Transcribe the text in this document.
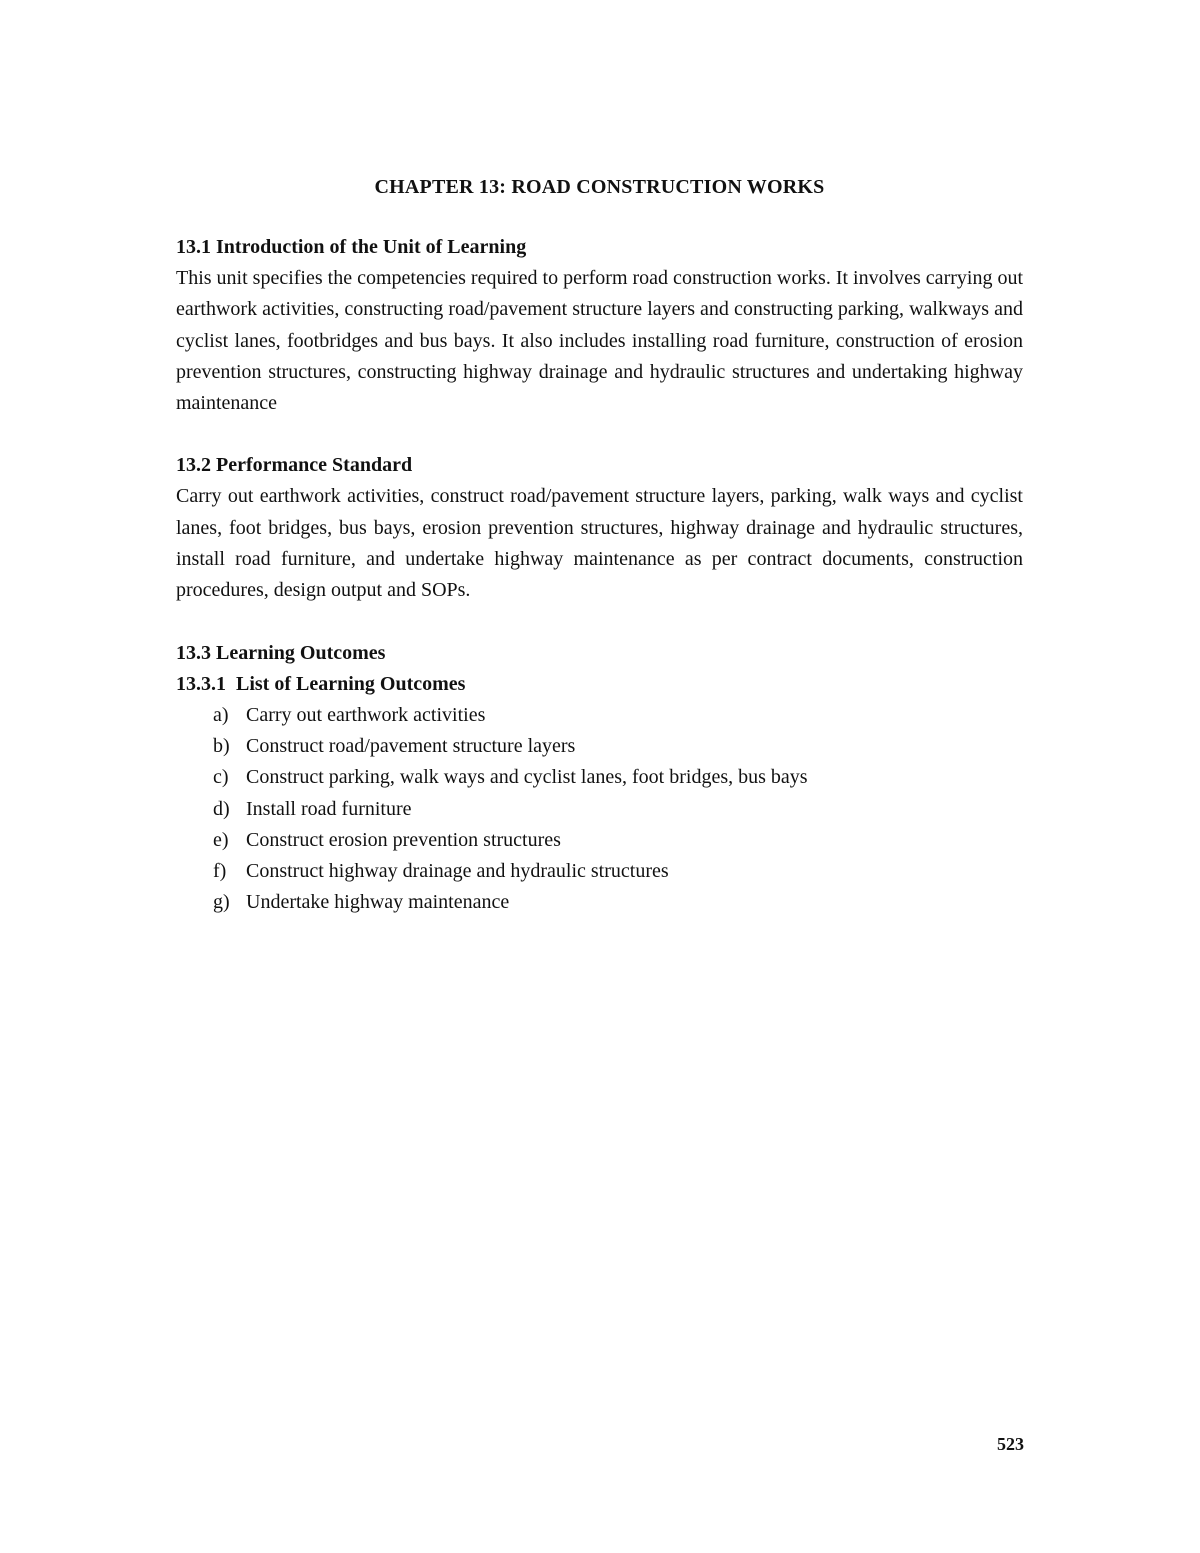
CHAPTER 13: ROAD CONSTRUCTION WORKS
13.1 Introduction of the Unit of Learning

This unit specifies the competencies required to perform road construction works. It involves carrying out earthwork activities, constructing road/pavement structure layers and constructing parking, walkways and cyclist lanes, footbridges and bus bays. It also includes installing road furniture, construction of erosion prevention structures, constructing highway drainage and hydraulic structures and undertaking highway maintenance

13.2 Performance Standard

Carry out earthwork activities, construct road/pavement structure layers, parking, walk ways and cyclist lanes, foot bridges, bus bays, erosion prevention structures, highway drainage and hydraulic structures, install road furniture, and undertake highway maintenance as per contract documents, construction procedures, design output and SOPs.

13.3 Learning Outcomes
13.3.1  List of Learning Outcomes
a) Carry out earthwork activities
b) Construct road/pavement structure layers
c) Construct parking, walk ways and cyclist lanes, foot bridges, bus bays
d) Install road furniture
e) Construct erosion prevention structures
f) Construct highway drainage and hydraulic structures
g) Undertake highway maintenance
523
